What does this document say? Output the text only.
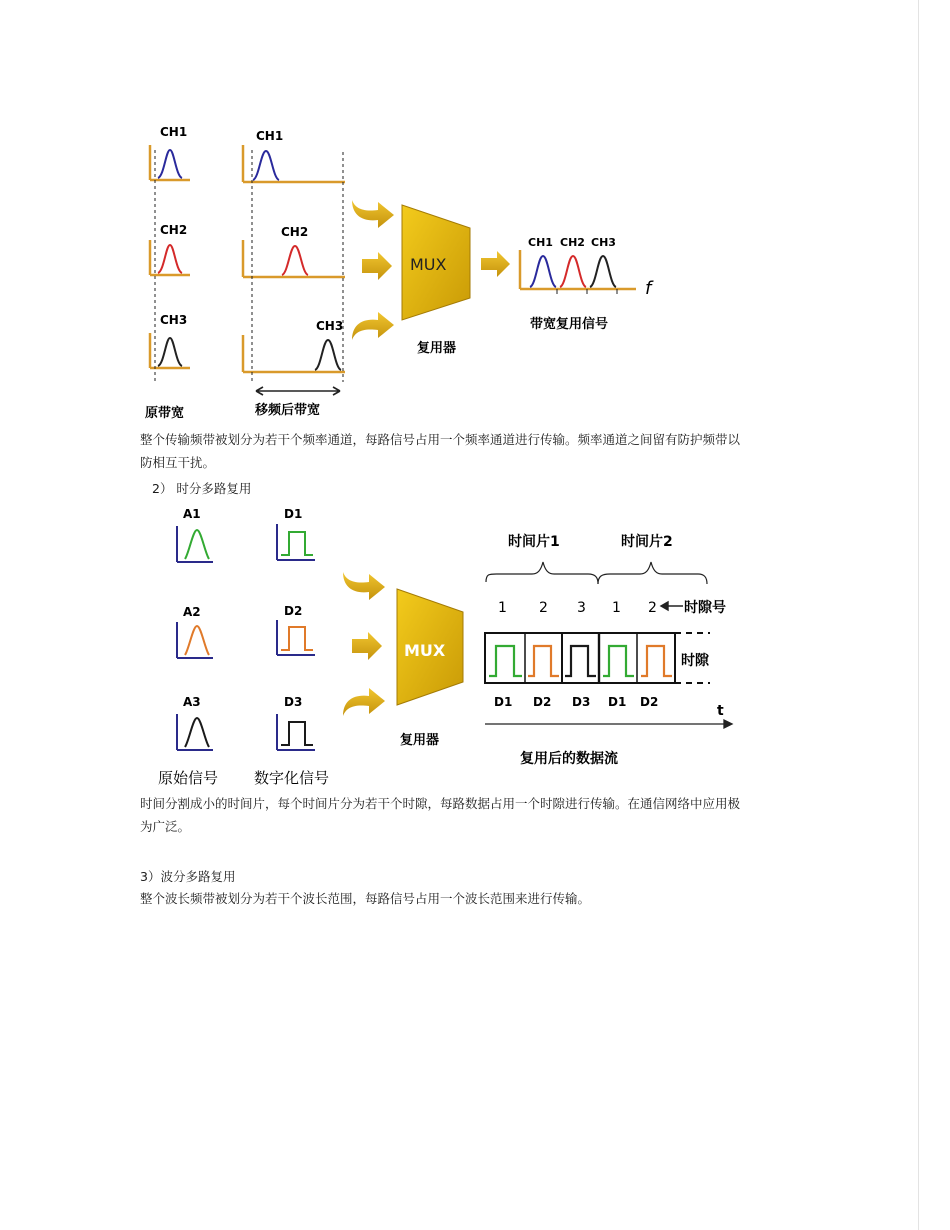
CH1
CH2
CH3
原带宽
CH1
CH2
CH3
移频后带宽
MUX
复用器
CH1 CH2 CH3
f
带宽复用信号
A1
A2
A3
原始信号
D1
D2
D3
数字化信号
MUX
复用器
时间片1	时间片2
1 2 3 1 2 时隙号
时隙
D1 D2 D3 D1 D2
t
复用后的数据流

整个传输频带被划分为若干个频率通道，每路信号占用一个频率通道进行传输。频率通道之间留有防护频带以防相互干扰。

2） 时分多路复用

时间分割成小的时间片，每个时间片分为若干个时隙，每路数据占用一个时隙进行传输。在通信网络中应用极为广泛。

3）波分多路复用

整个波长频带被划分为若干个波长范围，每路信号占用一个波长范围来进行传输。
